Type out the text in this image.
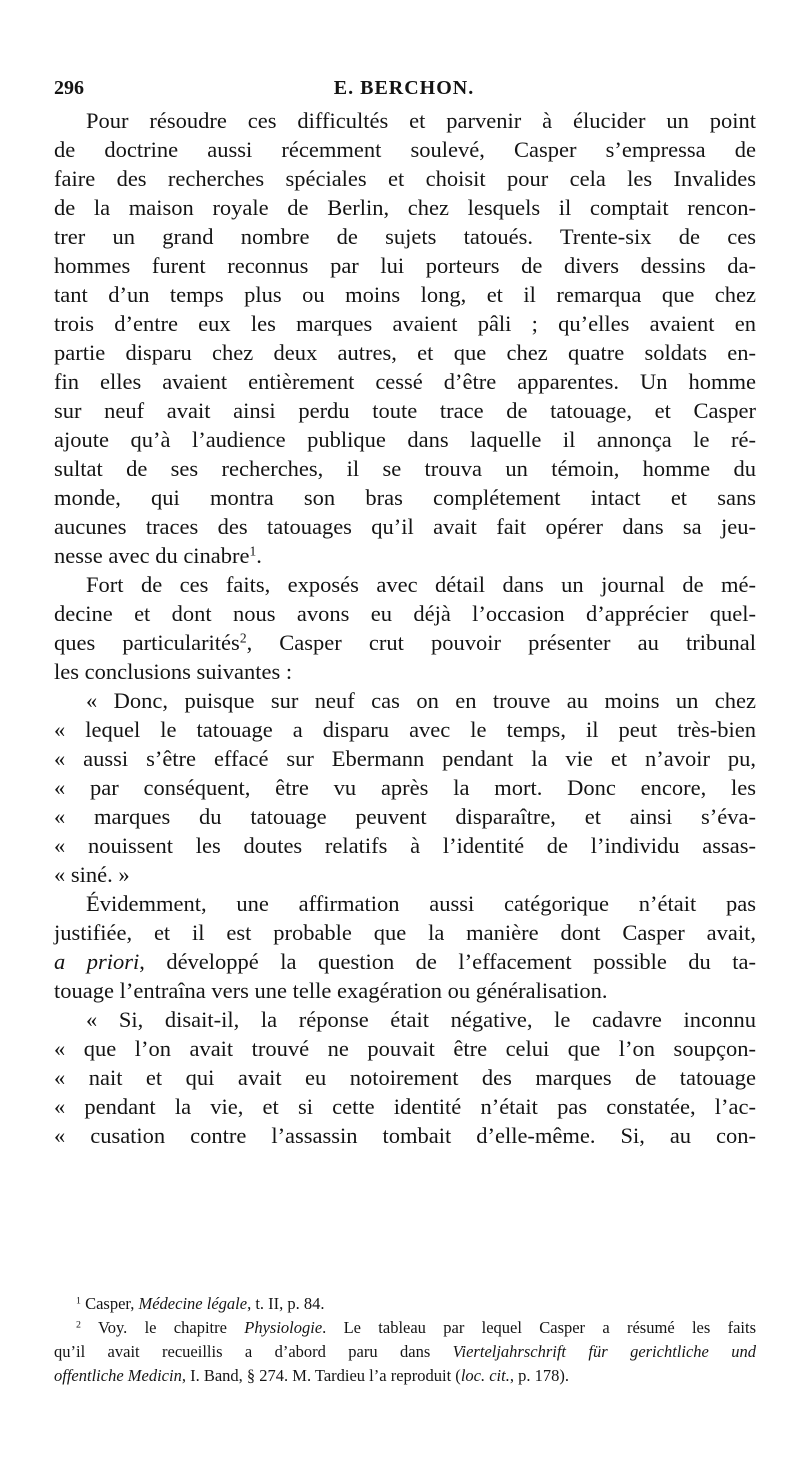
296	E. BERCHON.
Pour résoudre ces difficultés et parvenir à élucider un point
de doctrine aussi récemment soulevé, Casper s’empressa de
faire des recherches spéciales et choisit pour cela les Invalides
de la maison royale de Berlin, chez lesquels il comptait rencon-
trer un grand nombre de sujets tatoués. Trente-six de ces
hommes furent reconnus par lui porteurs de divers dessins da-
tant d’un temps plus ou moins long, et il remarqua que chez
trois d’entre eux les marques avaient pâli ; qu’elles avaient en
partie disparu chez deux autres, et que chez quatre soldats en-
fin elles avaient entièrement cessé d’être apparentes. Un homme
sur neuf avait ainsi perdu toute trace de tatouage, et Casper
ajoute qu’à l’audience publique dans laquelle il annonça le ré-
sultat de ses recherches, il se trouva un témoin, homme du
monde, qui montra son bras complétement intact et sans
aucunes traces des tatouages qu’il avait fait opérer dans sa jeu-
nesse avec du cinabre$^1$.
Fort de ces faits, exposés avec détail dans un journal de mé-
decine et dont nous avons eu déjà l’occasion d’apprécier quel-
ques particularités$^2$, Casper crut pouvoir présenter au tribunal
les conclusions suivantes :
« Donc, puisque sur neuf cas on en trouve au moins un chez
« lequel le tatouage a disparu avec le temps, il peut très-bien
« aussi s’être effacé sur Ebermann pendant la vie et n’avoir pu,
« par conséquent, être vu après la mort. Donc encore, les
« marques du tatouage peuvent disparaître, et ainsi s’éva-
« nouissent les doutes relatifs à l’identité de l’individu assas-
« siné. »
Évidemment, une affirmation aussi catégorique n’était pas
justifiée, et il est probable que la manière dont Casper avait,
a priori, développé la question de l’effacement possible du ta-
touage l’entraîna vers une telle exagération ou généralisation.
« Si, disait-il, la réponse était négative, le cadavre inconnu
« que l’on avait trouvé ne pouvait être celui que l’on soupçon-
« nait et qui avait eu notoirement des marques de tatouage
« pendant la vie, et si cette identité n’était pas constatée, l’ac-
« cusation contre l’assassin tombait d’elle-même. Si, au con-
$^1$ Casper, Médecine légale, t. II, p. 84.
$^2$ Voy. le chapitre Physiologie. Le tableau par lequel Casper a résumé les faits
qu’il avait recueillis a d’abord paru dans Vierteljahrschrift für gerichtliche und
offentliche Medicin, I. Band, § 274. M. Tardieu l’a reproduit (loc. cit., p. 178).
